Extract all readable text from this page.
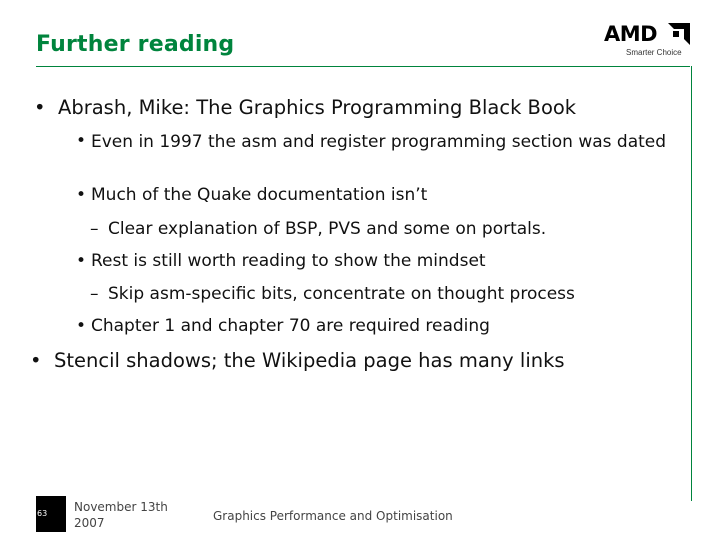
Further reading	AMD
Smarter Choice
• Abrash, Mike: The Graphics Programming Black Book
• Even in 1997 the asm and register programming section was dated
• Much of the Quake documentation isn’t
– Clear explanation of BSP, PVS and some on portals.
• Rest is still worth reading to show the mindset
– Skip asm-specific bits, concentrate on thought process
• Chapter 1 and chapter 70 are required reading
• Stencil shadows; the Wikipedia page has many links
63 November 13th 2007	Graphics Performance and Optimisation
